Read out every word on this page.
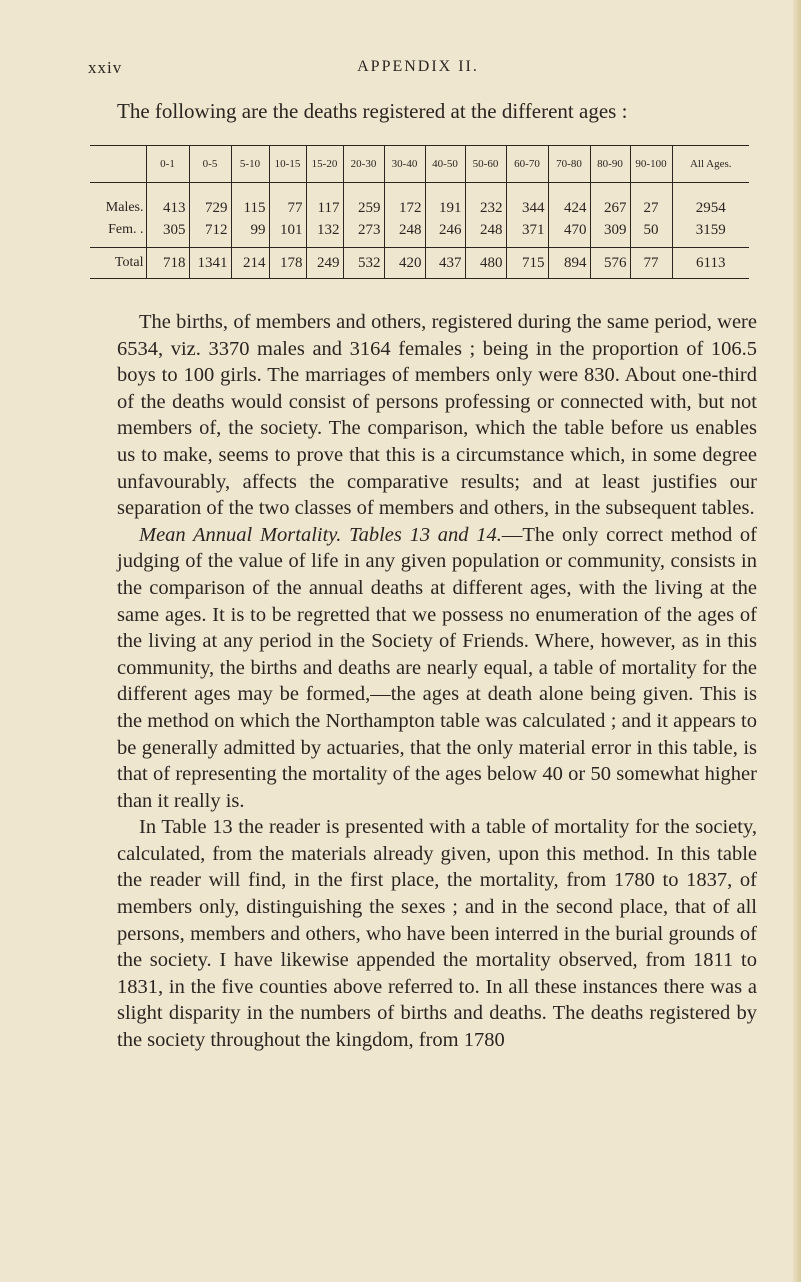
xxiv	APPENDIX II.
The following are the deaths registered at the different ages :
	0-1	0-5	5-10	10-15	15-20	20-30	30-40	40-50	50-60	60-70	70-80	80-90	90-100	All Ages.
Males.	413	729	115	77	117	259	172	191	232	344	424	267	27	2954
Fem. .	305	712	99	101	132	273	248	246	248	371	470	309	50	3159
Total	718	1341	214	178	249	532	420	437	480	715	894	576	77	6113

The births, of members and others, registered during the same period, were 6534, viz. 3370 males and 3164 females ; being in the proportion of 106.5 boys to 100 girls. The marriages of members only were 830. About one-third of the deaths would consist of persons professing or connected with, but not members of, the society. The comparison, which the table before us enables us to make, seems to prove that this is a circumstance which, in some degree unfavourably, affects the comparative results; and at least justifies our separation of the two classes of members and others, in the subsequent tables.

Mean Annual Mortality. Tables 13 and 14.—The only correct method of judging of the value of life in any given population or community, consists in the comparison of the annual deaths at different ages, with the living at the same ages. It is to be regretted that we possess no enumeration of the ages of the living at any period in the Society of Friends. Where, however, as in this community, the births and deaths are nearly equal, a table of mortality for the different ages may be formed,—the ages at death alone being given. This is the method on which the Northampton table was calculated ; and it appears to be generally admitted by actuaries, that the only material error in this table, is that of representing the mortality of the ages below 40 or 50 somewhat higher than it really is.

In Table 13 the reader is presented with a table of mortality for the society, calculated, from the materials already given, upon this method. In this table the reader will find, in the first place, the mortality, from 1780 to 1837, of members only, distinguishing the sexes ; and in the second place, that of all persons, members and others, who have been interred in the burial grounds of the society. I have likewise appended the mortality observed, from 1811 to 1831, in the five counties above referred to. In all these instances there was a slight disparity in the numbers of births and deaths. The deaths registered by the society throughout the kingdom, from 1780
